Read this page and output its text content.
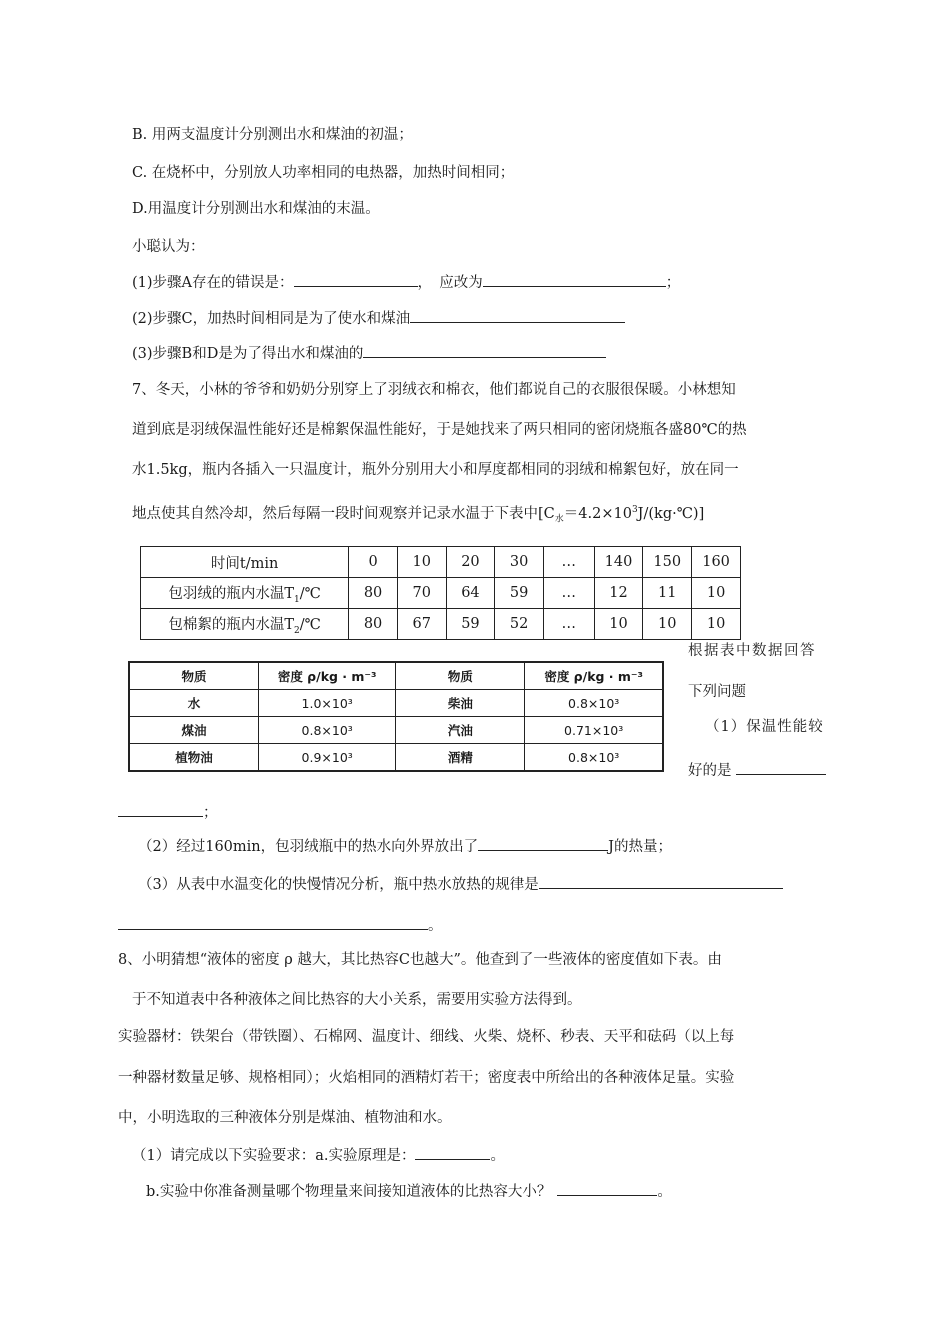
B. 用两支温度计分别测出水和煤油的初温；
C. 在烧杯中，分别放人功率相同的电热器，加热时间相同；
D.用温度计分别测出水和煤油的末温。
小聪认为：
(1)步骤A存在的错误是：	，　应改为	；
(2)步骤C，加热时间相同是为了使水和煤油
(3)步骤B和D是为了得出水和煤油的
7、冬天，小林的爷爷和奶奶分别穿上了羽绒衣和棉衣，他们都说自己的衣服很保暖。小林想知
道到底是羽绒保温性能好还是棉絮保温性能好，于是她找来了两只相同的密闭烧瓶各盛80℃的热
水1.5kg，瓶内各插入一只温度计，瓶外分别用大小和厚度都相同的羽绒和棉絮包好，放在同一
地点使其自然冷却，然后每隔一段时间观察并记录水温于下表中$[C_水=4.2\times 10^3J/(kg\cdot℃)]$
时间t/min	0	10	20	30	…	140	150	160
包羽绒的瓶内水温$T_1/℃$	80	70	64	59	…	12	11	10
包棉絮的瓶内水温$T_2/℃$	80	67	59	52	…	10	10	10
物质	密度 ρ/kg · m⁻³	物质	密度 ρ/kg · m⁻³
水	1.0×10³	柴油	0.8×10³
煤油	0.8×10³	汽油	0.71×10³
植物油	0.9×10³	酒精	0.8×10³
根据表中数据回答
下列问题
（1）保温性能较
好的是
；
（2）经过160min，包羽绒瓶中的热水向外界放出了	J的热量；
（3）从表中水温变化的快慢情况分析，瓶中热水放热的规律是
。
8、小明猜想“液体的密度 ρ 越大，其比热容C也越大”。他查到了一些液体的密度值如下表。由
于不知道表中各种液体之间比热容的大小关系，需要用实验方法得到。
实验器材：铁架台（带铁圈）、石棉网、温度计、细线、火柴、烧杯、秒表、天平和砝码（以上每
一种器材数量足够、规格相同）；火焰相同的酒精灯若干；密度表中所给出的各种液体足量。实验
中，小明选取的三种液体分别是煤油、植物油和水。
（1）请完成以下实验要求：a.实验原理是：	。
b.实验中你准备测量哪个物理量来间接知道液体的比热容大小？	。
